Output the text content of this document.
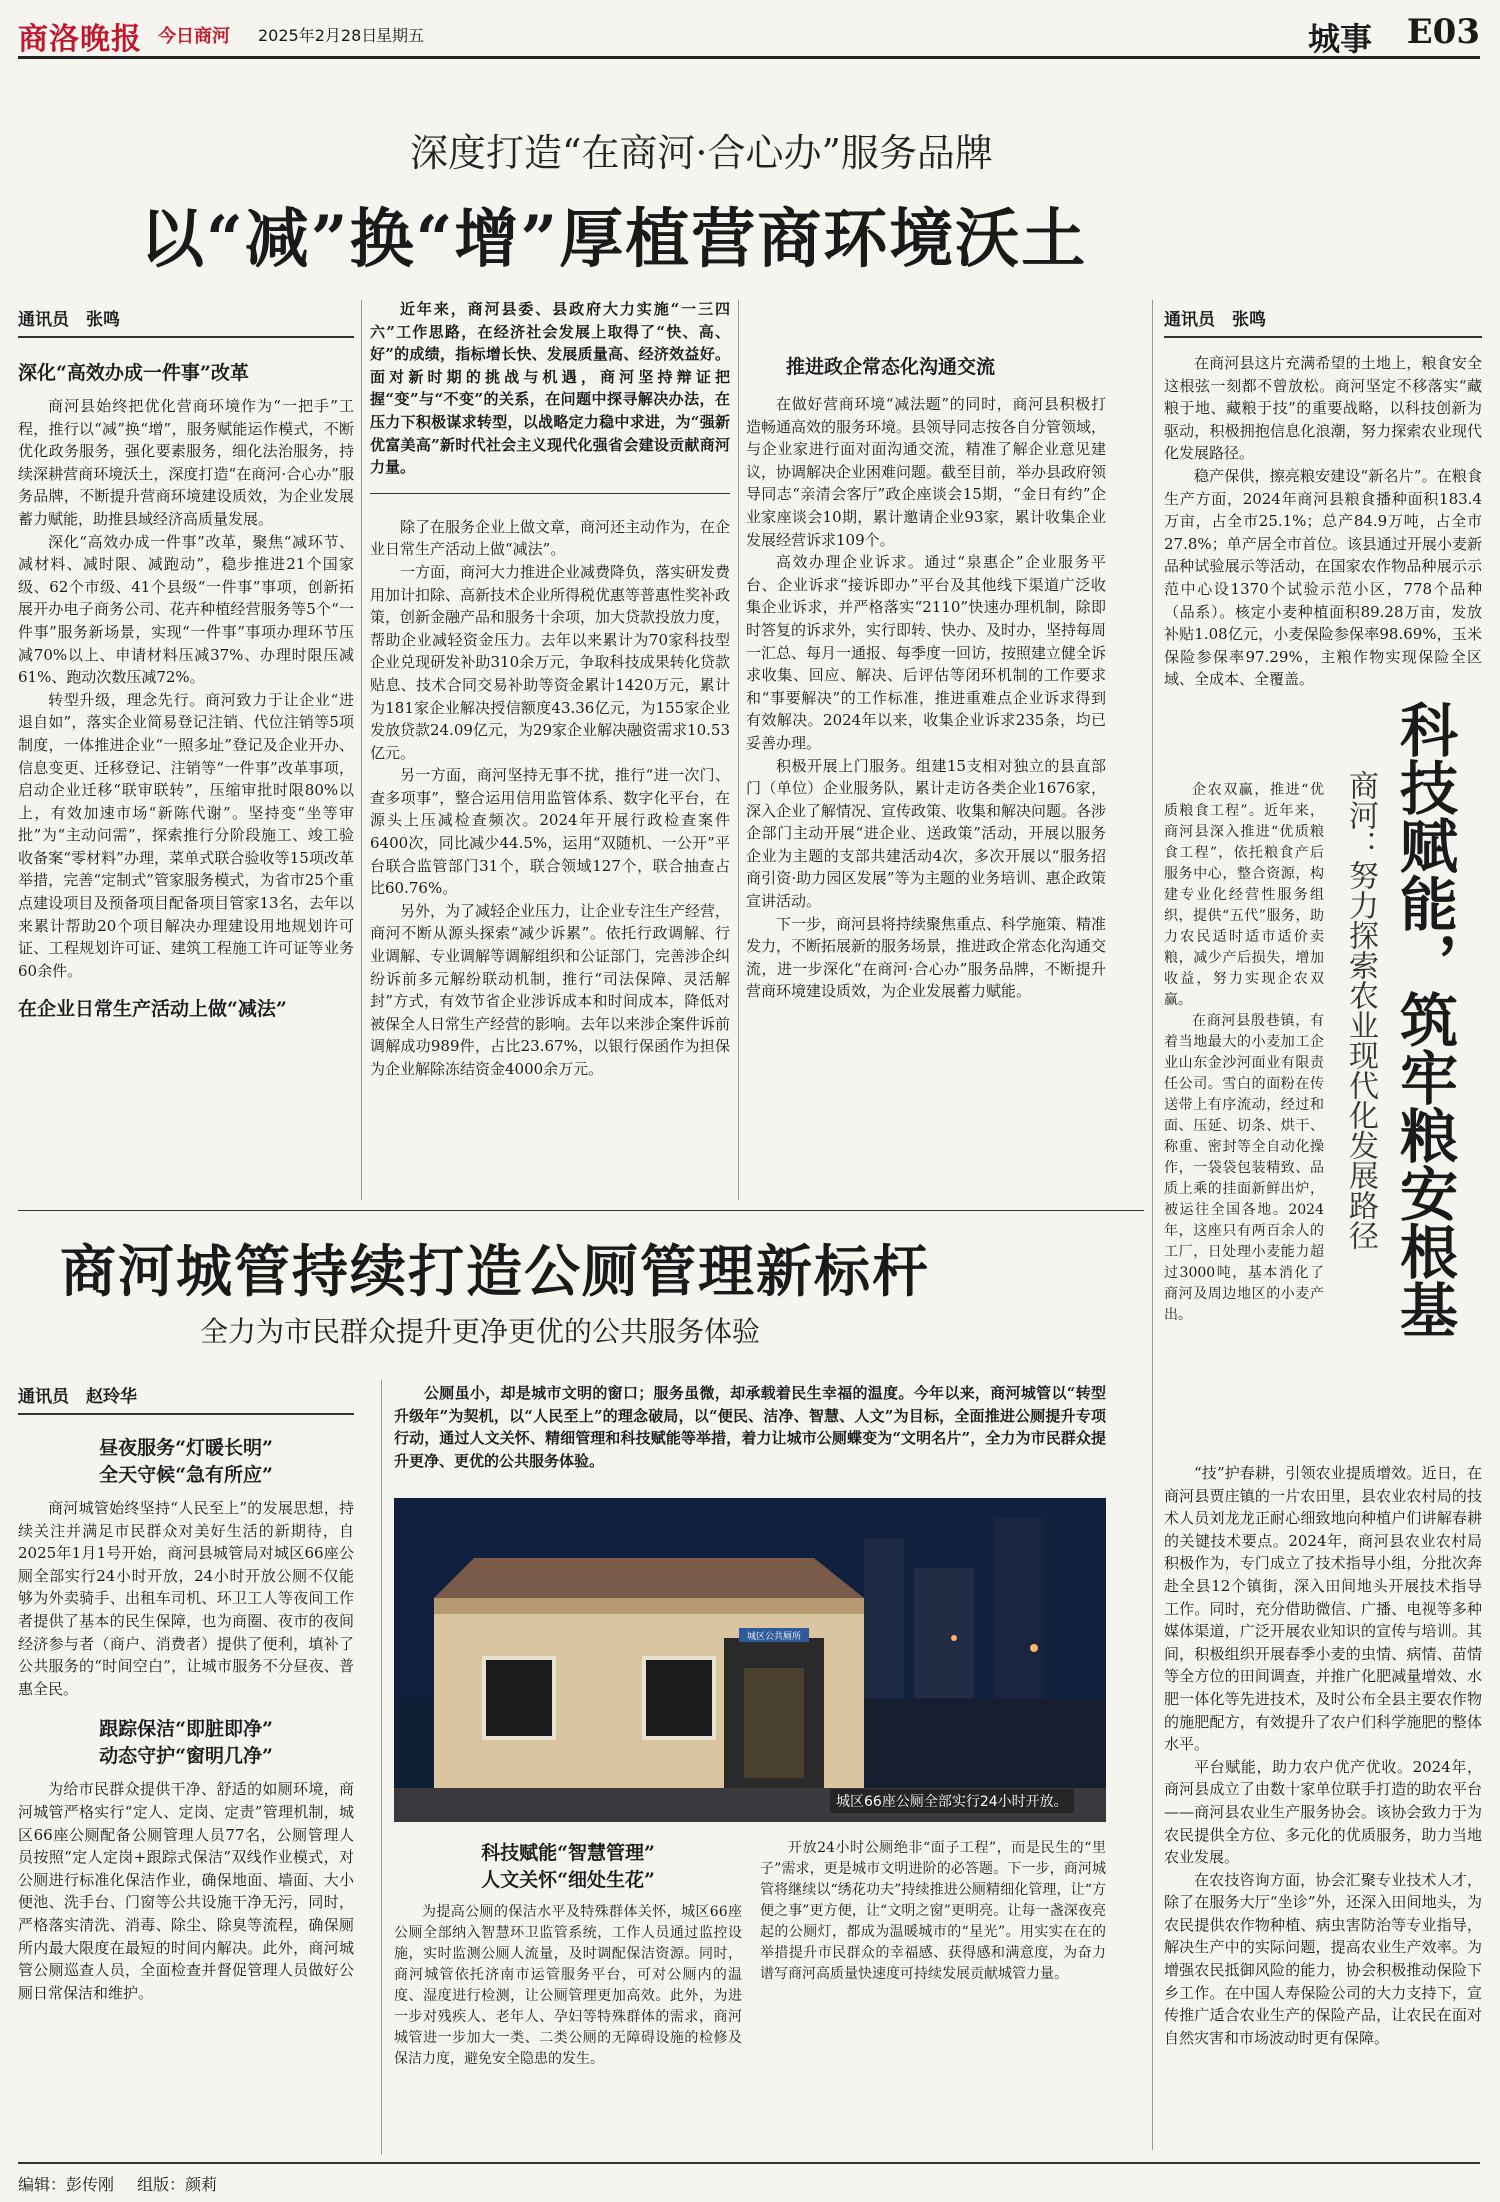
商洛晚报 今日商河 2025年2月28日
星期五	城事 E03
深度打造“在商河·合心办”服务品牌
以“减”换“增”厚植营商环境沃土
通讯员　张鸣
深化“高效办成一件事”改革

商河县始终把优化营商环境作为“一把手”工程，推行以“减”换“增”，服务赋能运作模式，不断优化政务服务，强化要素服务，细化法治服务，持续深耕营商环境沃土，深度打造“在商河·合心办”服务品牌，不断提升营商环境建设质效，为企业发展蓄力赋能，助推县域经济高质量发展。

深化“高效办成一件事”改革，聚焦“减环节、减材料、减时限、减跑动”，稳步推进21个国家级、62个市级、41个县级“一件事”事项，创新拓展开办电子商务公司、花卉种植经营服务等5个“一件事”服务新场景，实现“一件事”事项办理环节压减70%以上、申请材料压减37%、办理时限压减61%、跑动次数压减72%。

转型升级，理念先行。商河致力于让企业“进退自如”，落实企业简易登记注销、代位注销等5项制度，一体推进企业“一照多址”登记及企业开办、信息变更、迁移登记、注销等“一件事”改革事项，启动企业迁移“联审联转”，压缩审批时限80%以上，有效加速市场“新陈代谢”。坚持变“坐等审批”为“主动问需”，探索推行分阶段施工、竣工验收备案“零材料”办理，菜单式联合验收等15项改革举措，完善“定制式”管家服务模式，为省市25个重点建设项目及预备项目配备项目管家13名，去年以来累计帮助20个项目解决办理建设用地规划许可证、工程规划许可证、建筑工程施工许可证等业务60余件。

在企业日常生产活动上做“减法”

近年来，商河县委、县政府大力实施“一三四六”工作思路，在经济社会发展上取得了“快、高、好”的成绩，指标增长快、发展质量高、经济效益好。面对新时期的挑战与机遇，商河坚持辩证把握“变”与“不变”的关系，在问题中探寻解决办法，在压力下积极谋求转型，以战略定力稳中求进，为“强新优富美高”新时代社会主义现代化强省会建设贡献商河力量。

除了在服务企业上做文章，商河还主动作为，在企业日常生产活动上做“减法”。

一方面，商河大力推进企业减费降负，落实研发费用加计扣除、高新技术企业所得税优惠等普惠性奖补政策，创新金融产品和服务十余项，加大贷款投放力度，帮助企业减轻资金压力。去年以来累计为70家科技型企业兑现研发补助310余万元，争取科技成果转化贷款贴息、技术合同交易补助等资金累计1420万元，累计为181家企业解决授信额度43.36亿元，为155家企业发放贷款24.09亿元，为29家企业解决融资需求10.53亿元。

另一方面，商河坚持无事不扰，推行“进一次门、查多项事”，整合运用信用监管体系、数字化平台，在源头上压减检查频次。2024年开展行政检查案件6400次，同比减少44.5%，运用“双随机、一公开”平台联合监管部门31个，联合领域127个，联合抽查占比60.76%。

另外，为了减轻企业压力，让企业专注生产经营，商河不断从源头探索“减少诉累”。依托行政调解、行业调解、专业调解等调解组织和公证部门，完善涉企纠纷诉前多元解纷联动机制，推行“司法保障、灵活解封”方式，有效节省企业涉诉成本和时间成本，降低对被保全人日常生产经营的影响。去年以来涉企案件诉前调解成功989件，占比23.67%，以银行保函作为担保为企业解除冻结资金4000余万元。

推进政企常态化沟通交流

在做好营商环境“减法题”的同时，商河县积极打造畅通高效的服务环境。县领导同志按各自分管领域，与企业家进行面对面沟通交流，精准了解企业意见建议，协调解决企业困难问题。截至目前，举办县政府领导同志“亲清会客厅”政企座谈会15期，“金日有约”企业家座谈会10期，累计邀请企业93家，累计收集企业发展经营诉求109个。

高效办理企业诉求。通过“泉惠企”企业服务平台、企业诉求“接诉即办”平台及其他线下渠道广泛收集企业诉求，并严格落实“2110”快速办理机制，除即时答复的诉求外，实行即转、快办、及时办，坚持每周一汇总、每月一通报、每季度一回访，按照建立健全诉求收集、回应、解决、后评估等闭环机制的工作要求和“事要解决”的工作标准，推进重难点企业诉求得到有效解决。2024年以来，收集企业诉求235条，均已妥善办理。

积极开展上门服务。组建15支相对独立的县直部门（单位）企业服务队，累计走访各类企业1676家，深入企业了解情况、宣传政策、收集和解决问题。各涉企部门主动开展“进企业、送政策”活动，开展以服务企业为主题的支部共建活动4次，多次开展以“服务招商引资·助力园区发展”等为主题的业务培训、惠企政策宣讲活动。

下一步，商河县将持续聚焦重点、科学施策、精准发力，不断拓展新的服务场景，推进政企常态化沟通交流，进一步深化“在商河·合心办”服务品牌，不断提升营商环境建设质效，为企业发展蓄力赋能。

通讯员　张鸣

在商河县这片充满希望的土地上，粮食安全这根弦一刻都不曾放松。商河坚定不移落实“藏粮于地、藏粮于技”的重要战略，以科技创新为驱动，积极拥抱信息化浪潮，努力探索农业现代化发展路径。

稳产保供，擦亮粮安建设“新名片”。在粮食生产方面，2024年商河县粮食播种面积183.4万亩，占全市25.1%；总产84.9万吨，占全市27.8%；单产居全市首位。该县通过开展小麦新品种试验展示等活动，在国家农作物品种展示示范中心设1370个试验示范小区，778个品种（品系）。核定小麦种植面积89.28万亩，发放补贴1.08亿元，小麦保险参保率98.69%，玉米保险参保率97.29%，主粮作物实现保险全区域、全成本、全覆盖。

企农双赢，推进“优质粮食工程”。近年来，商河县深入推进“优质粮食工程”，依托粮食产后服务中心，整合资源，构建专业化经营性服务组织，提供“五代”服务，助力农民适时适市适价卖粮，减少产后损失，增加收益，努力实现企农双赢。

在商河县殷巷镇，有着当地最大的小麦加工企业山东金沙河面业有限责任公司。雪白的面粉在传送带上有序流动，经过和面、压延、切条、烘干、称重、密封等全自动化操作，一袋袋包装精致、品质上乘的挂面新鲜出炉，被运往全国各地。2024年，这座只有两百余人的工厂，日处理小麦能力超过3000吨，基本消化了商河及周边地区的小麦产出。	科技赋能，筑牢粮安根基
商河：努力探索农业现代化发展路径

“技”护春耕，引领农业提质增效。近日，在商河县贾庄镇的一片农田里，县农业农村局的技术人员刘龙龙正耐心细致地向种植户们讲解春耕的关键技术要点。2024年，商河县农业农村局积极作为，专门成立了技术指导小组，分批次奔赴全县12个镇街，深入田间地头开展技术指导工作。同时，充分借助微信、广播、电视等多种媒体渠道，广泛开展农业知识的宣传与培训。其间，积极组织开展春季小麦的虫情、病情、苗情等全方位的田间调查，并推广化肥减量增效、水肥一体化等先进技术，及时公布全县主要农作物的施肥配方，有效提升了农户们科学施肥的整体水平。

平台赋能，助力农户优产优收。2024年，商河县成立了由数十家单位联手打造的助农平台——商河县农业生产服务协会。该协会致力于为农民提供全方位、多元化的优质服务，助力当地农业发展。

在农技咨询方面，协会汇聚专业技术人才，除了在服务大厅“坐诊”外，还深入田间地头，为农民提供农作物种植、病虫害防治等专业指导，解决生产中的实际问题，提高农业生产效率。为增强农民抵御风险的能力，协会积极推动保险下乡工作。在中国人寿保险公司的大力支持下，宣传推广适合农业生产的保险产品，让农民在面对自然灾害和市场波动时更有保障。

商河城管持续打造公厕管理新标杆
全力为市民群众提升更净更优的公共服务体验
通讯员　赵玲华
昼夜服务“灯暖长明”
全天守候“急有所应”

商河城管始终坚持“人民至上”的发展思想，持续关注并满足市民群众对美好生活的新期待，自2025年1月1号开始，商河县城管局对城区66座公厕全部实行24小时开放，24小时开放公厕不仅能够为外卖骑手、出租车司机、环卫工人等夜间工作者提供了基本的民生保障，也为商圈、夜市的夜间经济参与者（商户、消费者）提供了便利，填补了公共服务的“时间空白”，让城市服务不分昼夜、普惠全民。

跟踪保洁“即脏即净”
动态守护“窗明几净”

为给市民群众提供干净、舒适的如厕环境，商河城管严格实行“定人、定岗、定责”管理机制，城区66座公厕配备公厕管理人员77名，公厕管理人员按照“定人定岗+跟踪式保洁”双线作业模式，对公厕进行标准化保洁作业，确保地面、墙面、大小便池、洗手台、门窗等公共设施干净无污，同时，严格落实清洗、消毒、除尘、除臭等流程，确保厕所内最大限度在最短的时间内解决。此外，商河城管公厕巡查人员，全面检查并督促管理人员做好公厕日常保洁和维护。

公厕虽小，却是城市文明的窗口；服务虽微，却承载着民生幸福的温度。今年以来，商河城管以“转型升级年”为契机，以“人民至上”的理念破局，以“便民、洁净、智慧、人文”为目标，全面推进公厕提升专项行动，通过人文关怀、精细管理和科技赋能等举措，着力让城市公厕蝶变为“文明名片”，全力为市民群众提升更净、更优的公共服务体验。

城区公共厕所
城区66座公厕全部实行24小时开放。
科技赋能“智慧管理”
人文关怀“细处生花”

为提高公厕的保洁水平及特殊群体关怀，城区66座公厕全部纳入智慧环卫监管系统，工作人员通过监控设施，实时监测公厕人流量，及时调配保洁资源。同时，商河城管依托济南市运管服务平台，可对公厕内的温度、湿度进行检测，让公厕管理更加高效。此外，为进一步对残疾人、老年人、孕妇等特殊群体的需求，商河城管进一步加大一类、二类公厕的无障碍设施的检修及保洁力度，避免安全隐患的发生。

开放24小时公厕绝非“面子工程”，而是民生的“里子”需求，更是城市文明进阶的必答题。下一步，商河城管将继续以“绣花功夫”持续推进公厕精细化管理，让“方便之事”更方便，让“文明之窗”更明亮。让每一盏深夜亮起的公厕灯，都成为温暖城市的“星光”。用实实在在的举措提升市民群众的幸福感、获得感和满意度，为奋力谱写商河高质量快速度可持续发展贡献城管力量。

编辑：彭传刚 组版：颜莉
